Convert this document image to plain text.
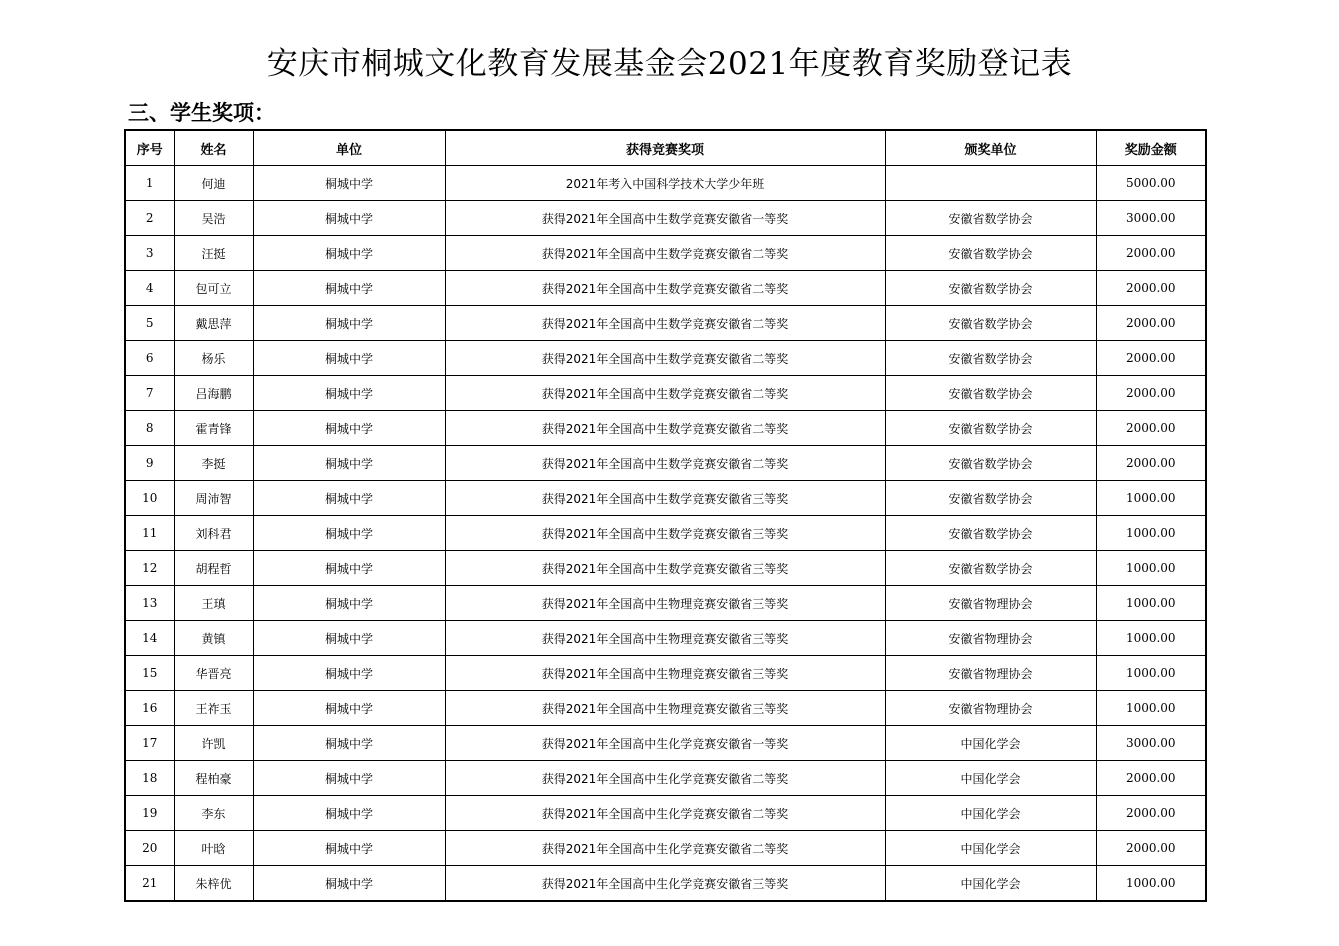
安庆市桐城文化教育发展基金会2021年度教育奖励登记表
三、学生奖项：
序号	姓名	单位	获得竞赛奖项	颁奖单位	奖励金额
1	何迪	桐城中学	2021年考入中国科学技术大学少年班		5000.00
2	吴浩	桐城中学	获得2021年全国高中生数学竞赛安徽省一等奖	安徽省数学协会	3000.00
3	汪挺	桐城中学	获得2021年全国高中生数学竞赛安徽省二等奖	安徽省数学协会	2000.00
4	包可立	桐城中学	获得2021年全国高中生数学竞赛安徽省二等奖	安徽省数学协会	2000.00
5	戴思萍	桐城中学	获得2021年全国高中生数学竞赛安徽省二等奖	安徽省数学协会	2000.00
6	杨乐	桐城中学	获得2021年全国高中生数学竞赛安徽省二等奖	安徽省数学协会	2000.00
7	吕海鹏	桐城中学	获得2021年全国高中生数学竞赛安徽省二等奖	安徽省数学协会	2000.00
8	霍青锋	桐城中学	获得2021年全国高中生数学竞赛安徽省二等奖	安徽省数学协会	2000.00
9	李挺	桐城中学	获得2021年全国高中生数学竞赛安徽省二等奖	安徽省数学协会	2000.00
10	周沛智	桐城中学	获得2021年全国高中生数学竞赛安徽省三等奖	安徽省数学协会	1000.00
11	刘科君	桐城中学	获得2021年全国高中生数学竞赛安徽省三等奖	安徽省数学协会	1000.00
12	胡程哲	桐城中学	获得2021年全国高中生数学竞赛安徽省三等奖	安徽省数学协会	1000.00
13	王瑱	桐城中学	获得2021年全国高中生物理竞赛安徽省三等奖	安徽省物理协会	1000.00
14	黄镇	桐城中学	获得2021年全国高中生物理竞赛安徽省三等奖	安徽省物理协会	1000.00
15	华晋亮	桐城中学	获得2021年全国高中生物理竞赛安徽省三等奖	安徽省物理协会	1000.00
16	王祚玉	桐城中学	获得2021年全国高中生物理竞赛安徽省三等奖	安徽省物理协会	1000.00
17	许凯	桐城中学	获得2021年全国高中生化学竞赛安徽省一等奖	中国化学会	3000.00
18	程柏豪	桐城中学	获得2021年全国高中生化学竞赛安徽省二等奖	中国化学会	2000.00
19	李东	桐城中学	获得2021年全国高中生化学竞赛安徽省二等奖	中国化学会	2000.00
20	叶晗	桐城中学	获得2021年全国高中生化学竞赛安徽省二等奖	中国化学会	2000.00
21	朱梓优	桐城中学	获得2021年全国高中生化学竞赛安徽省三等奖	中国化学会	1000.00
